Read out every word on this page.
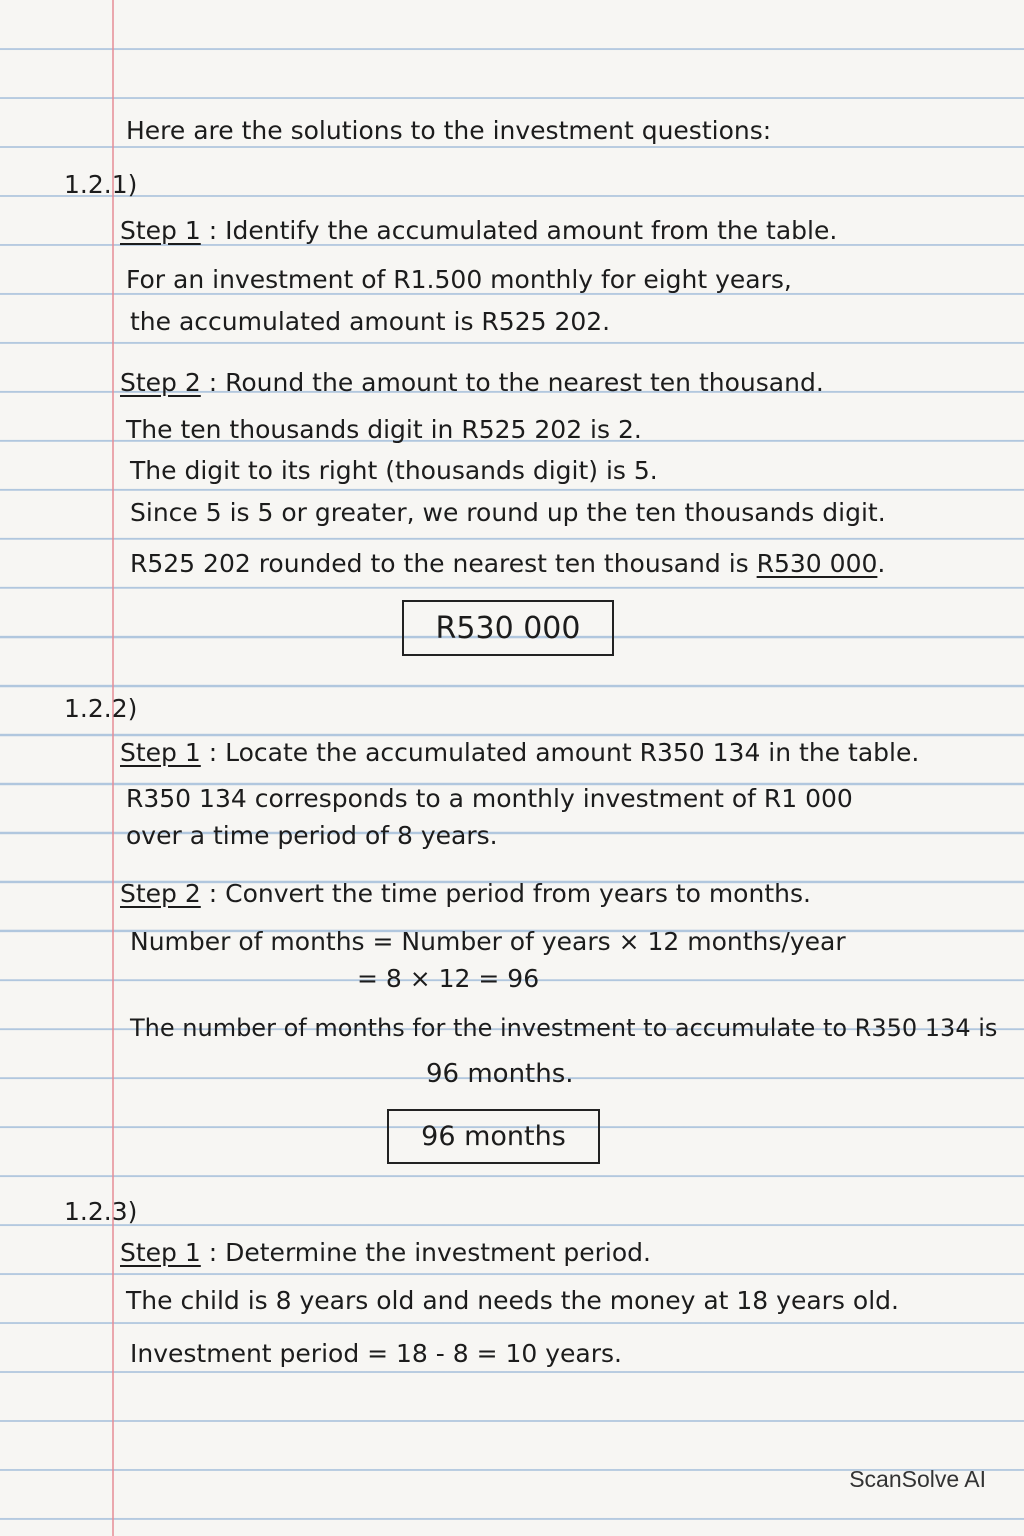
Here are the solutions to the investment questions:
1.2.1)
Step 1 : Identify the accumulated amount from the table.
For an investment of R1.500 monthly for eight years,
the accumulated amount is R525 202.
Step 2 : Round the amount to the nearest ten thousand.
The ten thousands digit in R525 202 is 2.
The digit to its right (thousands digit) is 5.
Since 5 is 5 or greater, we round up the ten thousands digit.
R525 202 rounded to the nearest ten thousand is R530 000.
R530 000
1.2.2)
Step 1 : Locate the accumulated amount R350 134 in the table.
R350 134 corresponds to a monthly investment of R1 000
over a time period of 8 years.
Step 2 : Convert the time period from years to months.
Number of months = Number of years × 12 months/year
= 8 × 12 = 96
The number of months for the investment to accumulate to R350 134 is
96 months.
96 months
1.2.3)
Step 1 : Determine the investment period.
The child is 8 years old and needs the money at 18 years old.
Investment period = 18 - 8 = 10 years.
ScanSolve AI
